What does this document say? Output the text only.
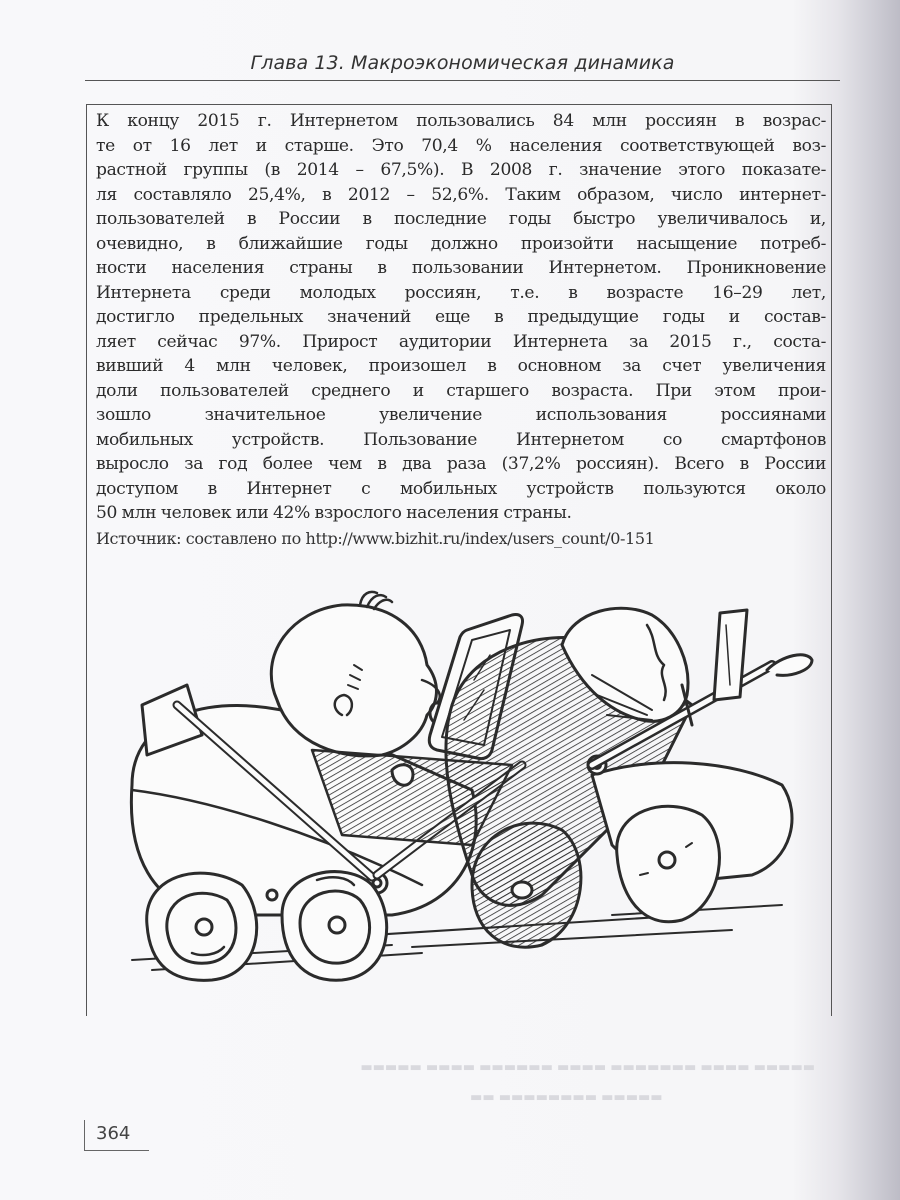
Глава 13. Макроэкономическая динамика
К концу 2015 г. Интернетом пользовались 84 млн россиян в возрас-
те от 16 лет и старше. Это 70,4 % населения соответствующей воз-
растной группы (в 2014 – 67,5%). В 2008 г. значение этого показате-
ля составляло 25,4%, в 2012 – 52,6%. Таким образом, число интернет-
пользователей в России в последние годы быстро увеличивалось и,
очевидно, в ближайшие годы должно произойти насыщение потреб-
ности населения страны в пользовании Интернетом. Проникновение
Интернета среди молодых россиян, т.е. в возрасте 16–29 лет,
достигло предельных значений еще в предыдущие годы и состав-
ляет сейчас 97%. Прирост аудитории Интернета за 2015 г., соста-
вивший 4 млн человек, произошел в основном за счет увеличения
доли пользователей среднего и старшего возраста. При этом прои-
зошло значительное увеличение использования россиянами
мобильных устройств. Пользование Интернетом со смартфонов
выросло за год более чем в два раза (37,2% россиян). Всего в России
доступом в Интернет с мобильных устройств пользуются около
50 млн человек или 42% взрослого населения страны.
Источник: составлено по http://www.bizhit.ru/index/users_count/0-151
▬▬▬▬▬ ▬▬▬▬ ▬▬▬▬▬▬▬ ▬▬▬▬ ▬▬▬▬▬▬ ▬▬▬▬ ▬▬▬▬▬
▬▬▬▬▬ ▬▬▬▬▬▬▬▬ ▬▬
364
